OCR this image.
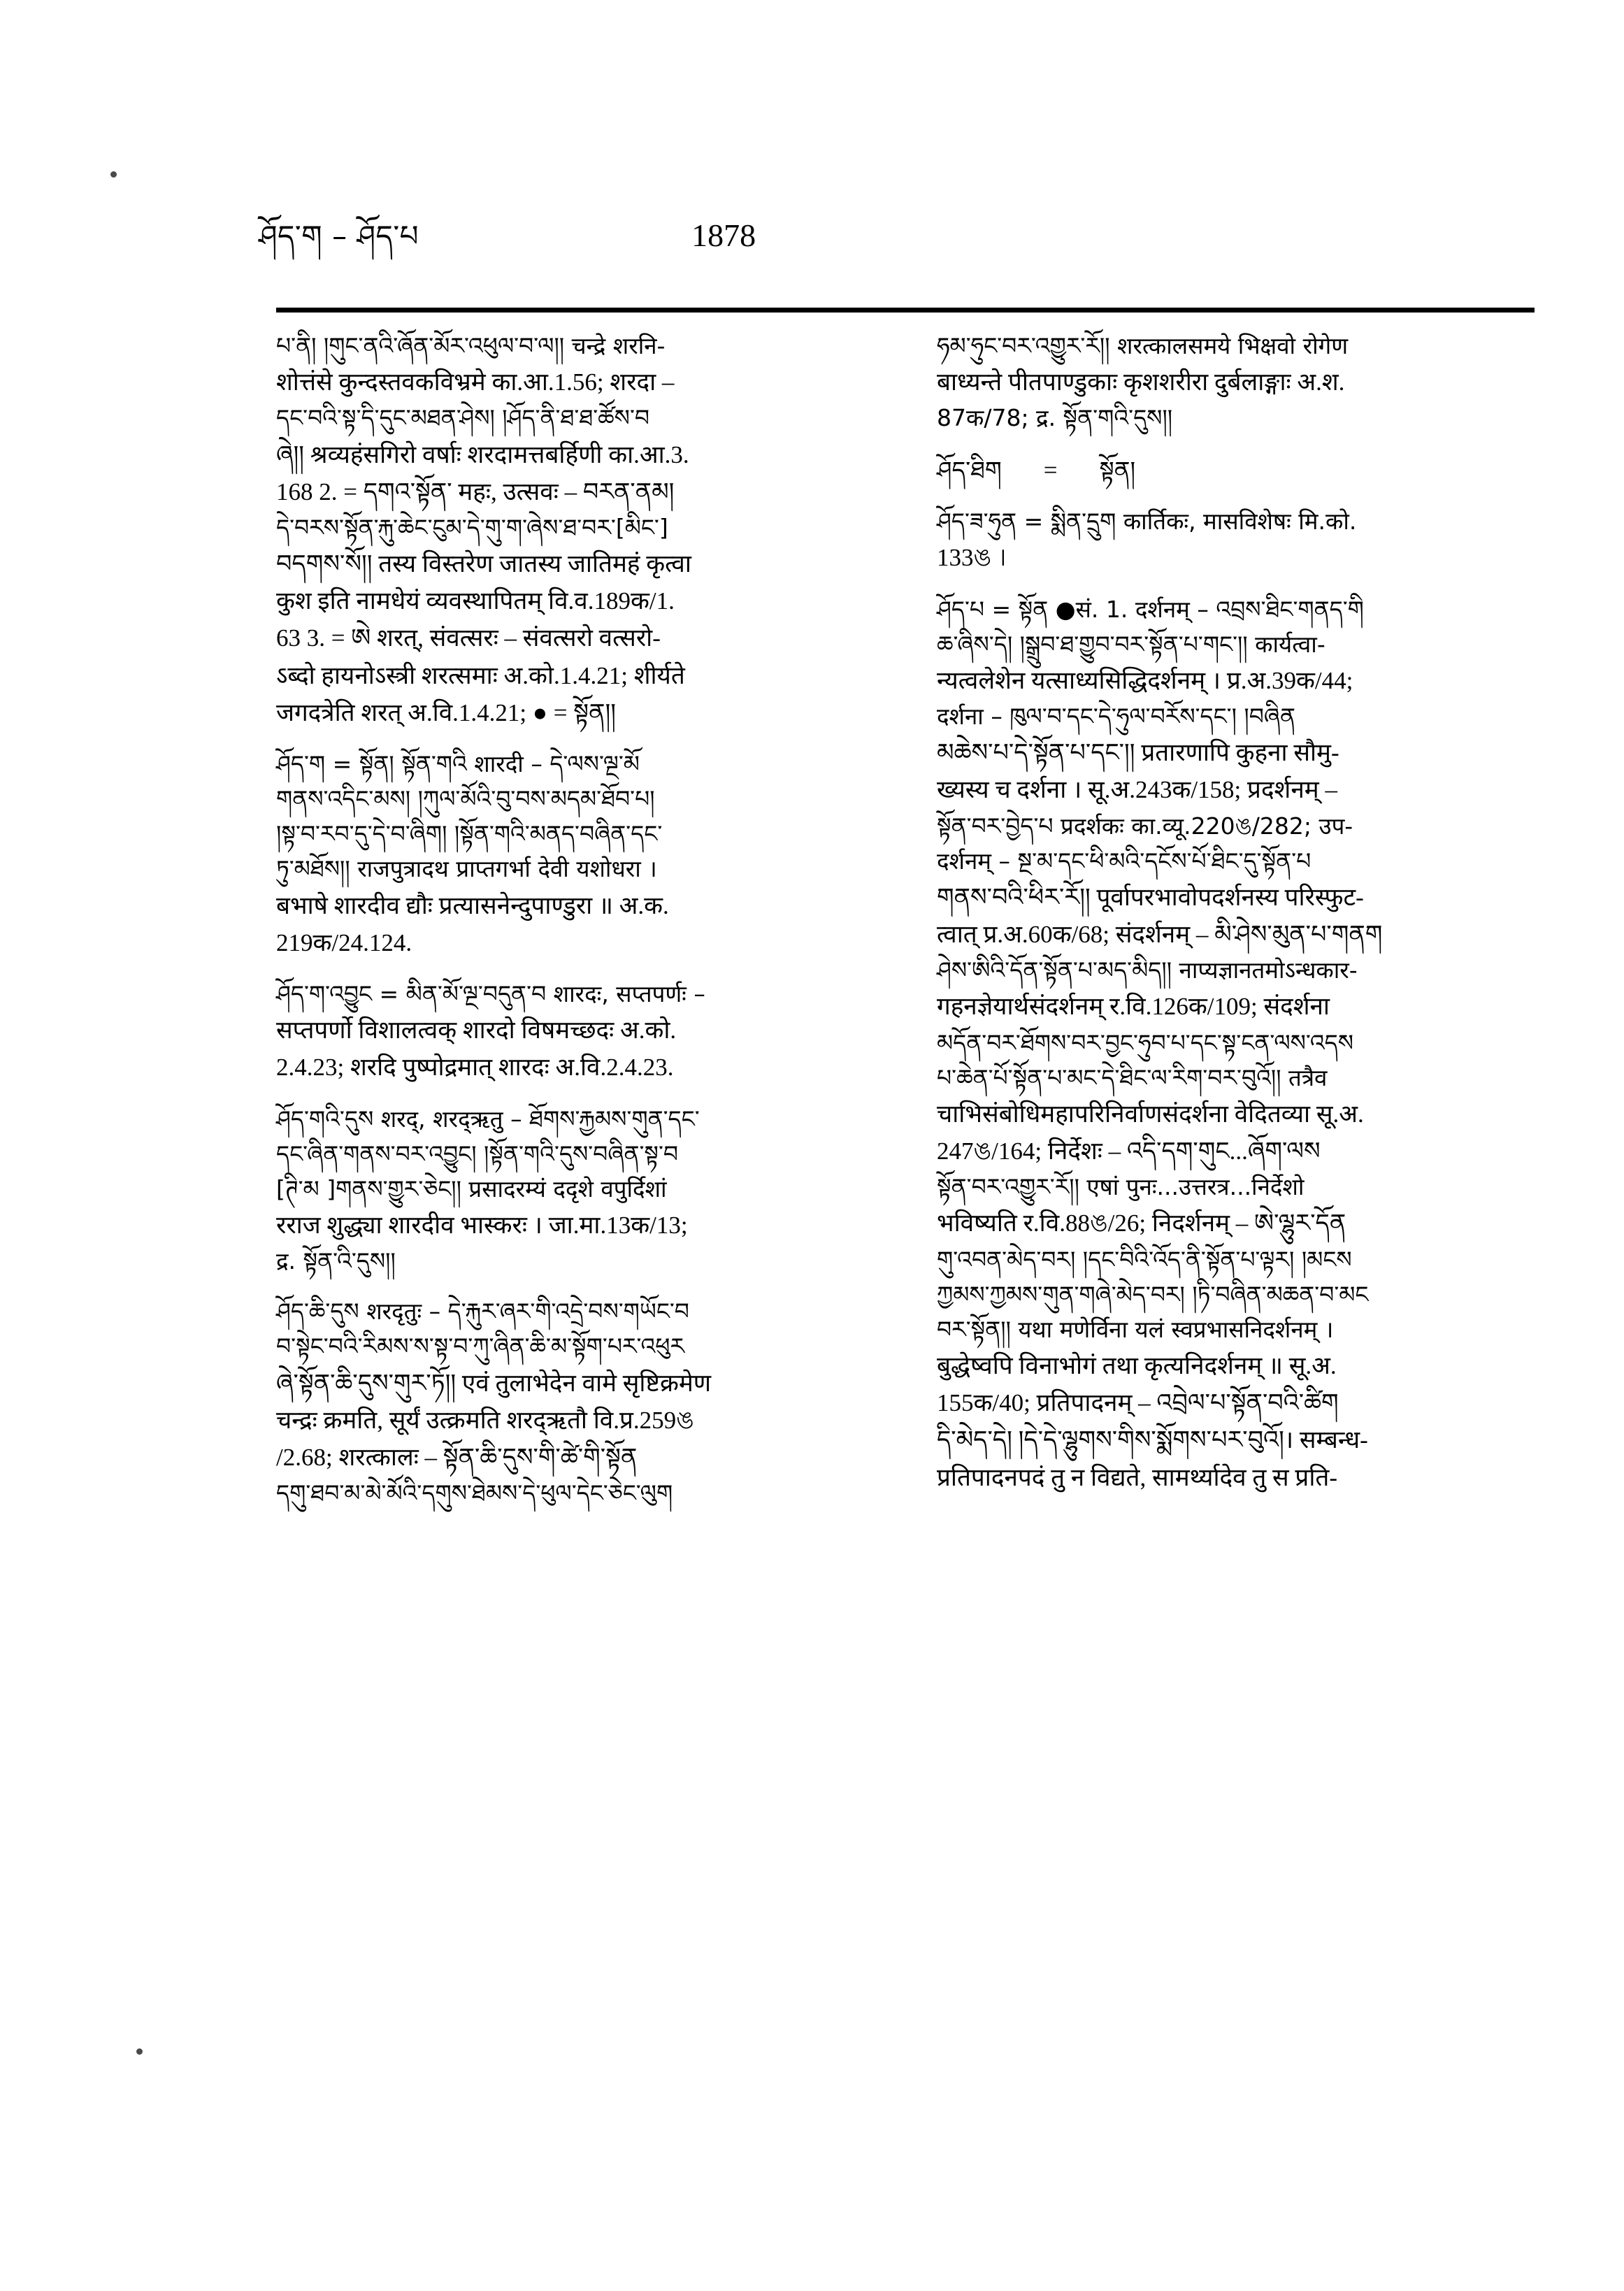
ཤོད་ག – ཤོད་པ	1878

པ་ནི། །གུང་ནའི་ཞོན་མོར་འཕུལ་བ་ལ།། चन्द्रे शरनि-

शोत्तंसे कुन्दस्तवकविभ्रमे का.आ.1.56; शरदा –

དང་བའི་སྟ་དི་དུང་མཐན་ཤེས། །ཤོད་ནི་ཐ་ཐ་ཚོས་བ

ཞེ།། श्रव्यहंसगिरो वर्षाः शरदामत्तबर्हिणी का.आ.3.

168 2. = དགའ་སྟོན་ महः, उत्सवः – བརན་ནམ།

དེ་བརས་སྟོན་རྐུ་ཆེང་ངུམ་དེ་གུ་ག་ཞེས་ཐ་བར་[མིང་]

བདགས་སོ།། तस्य विस्तरेण जातस्य जातिमहं कृत्वा

कुश इति नामधेयं व्यवस्थापितम् वि.व.189क/1.

63 3. = ཨེ शरत्, संवत्सरः – संवत्सरो वत्सरो-

ऽब्दो हायनोऽस्त्री शरत्समाः अ.को.1.4.21; शीर्यते

जगदत्रेति शरत् अ.वि.1.4.21; ● = སྟོན།།

ཤོད་ག = སྟོན། སྟོན་གའི शारदी – དེ་ལས་ལྔ་མོ

གནས་འདིང་མས། །ཀུལ་མོའི་བུ་བས་མདམ་ཐོབ་པ།

།སྟ་བ་རབ་དུ་དེ་བ་ཞིག། །སྟོན་གའི་མནད་བཞིན་དང་

ཏུ་མཐོས།། राजपुत्रादथ प्राप्तगर्भा देवी यशोधरा ।

बभाषे शारदीव द्यौः प्रत्यासनेन्दुपाण्डुरा ॥ अ.क.

219क/24.124.

ཤོད་ག་འབྱུང = མིན་མོ་ལྔ་བདུན་བ शारदः, सप्तपर्णः –

सप्तपर्णो विशालत्वक् शारदो विषमच्छदः अ.को.

2.4.23; शरदि पुष्पोद्रमात् शारदः अ.वि.2.4.23.

ཤོད་གའི་དུས शरद्, शरद्ऋतु – ཐོགས་རྐྱམས་གུན་དང་

དང་ཞིན་གནས་བར་འབྱུང། །སྟོན་གའི་དུས་བཞིན་སྟ་བ

[ཊི་མ ]གནས་གྱུར་ཅེང།། प्रसादरम्यं ददृशे वपुर्दिशां

रराज शुद्ध्या शारदीव भास्करः । जा.मा.13क/13;

द्र. སྟོན་འི་དུས།།

ཤོད་ཆི་དུས शरदृतुः – དེ་རྐུར་ཞར་གི་འདྲེ་བས་གཡོང་བ

བ་སྟེང་བའི་རིམས་ས་སྟ་བ་ཀུ་ཞིན་ཆི་མ་སྟོག་པར་འཕུར

ཞེ་སྟོན་ཆི་དུས་གུར་ཏོ།། एवं तुलाभेदेन वामे सृष्टिक्रमेण

चन्द्रः क्रमति, सूर्यं उत्क्रमति शरद्ऋतौ वि.प्र.259ঙ

/2.68; शरत्कालः – སྟོན་ཆི་དུས་གི་ཚེ་གི་སྟོན

དགུ་ཐབ་མ་མེ་མོའི་དགུས་ཐེམས་དེ་ཕུལ་དེང་ཅེང་ལུག

ཧམ་ཧུང་བར་འགྱུར་རོ།། शरत्कालसमये भिक्षवो रोगेण

बाध्यन्ते पीतपाण्डुकाः कृशशरीरा दुर्बलाङ्गाः अ.श.

87क/78; द्र. སྟོན་གའི་དུས།།

ཤོད་ཐིག = སྟོན།

ཤོད་ཟ་ཧུན = སྨིན་དྲུག कार्तिकः, मासविशेषः मि.को.

133ঙ ।

ཤོད་པ = སྟོན ●सं. 1. दर्शनम् – འབྲས་ཐིང་གནད་གི

ཆ་ཞིས་དེ། །སྒྲུབ་ཐ་གྱུབ་བར་སྟོན་པ་གང་།། कार्यत्वा-

न्यत्वलेशेन यत्साध्यसिद्धिदर्शनम् । प्र.अ.39क/44;

दर्शना – ཁུལ་བ་དང་དེ་ཧུལ་བརོས་དང་། །བཞིན

མཆེས་པ་དེ་སྟོན་པ་དང་།། प्रतारणापि कुहना सौमु-

ख्यस्य च दर्शना । सू.अ.243क/158; प्रदर्शनम् –

སྟོན་བར་བྱེད་པ प्रदर्शकः का.व्यू.220ঙ/282; उप-

दर्शनम् – སྔ་མ་དང་ཕི་མའི་དངོས་པོ་ཐིང་དུ་སྟོན་པ

གནས་བའི་ཕིར་རོ།། पूर्वापरभावोपदर्शनस्य परिस्फुट-

त्वात् प्र.अ.60क/68; संदर्शनम् – མི་ཤེས་མུན་པ་གནག

ཤེས་ཨིའི་དོན་སྟོན་པ་མད་མིད།། नाप्यज्ञानतमोऽन्धकार-

गहनज्ञेयार्थसंदर्शनम् र.वि.126क/109; संदर्शना

མདོན་བར་ཐོགས་བར་བྱང་ཧུབ་པ་དང་སྟ་ངན་ལས་འདས

པ་ཆེན་པོ་སྟོན་པ་མང་དེ་ཐིང་ལ་རིག་བར་བུའོ།། तत्रैव

चाभिसंबोधिमहापरिनिर्वाणसंदर्शना वेदितव्या सू.अ.

247ঙ/164; निर्देशः – འདི་དག་གུང...ཞོག་ལས

སྟོན་བར་འགྱུར་རོ།། एषां पुनः...उत्तरत्र...निर्देशो

भविष्यति र.वि.88ঙ/26; निदर्शनम् – ཨེ་ལྷུར་དོན

གུ་འབན་མེད་བར། །དང་བིའི་འོད་ནི་སྟོན་པ་ལྟར། །མངས

ཀྱམས་ཀྱམས་གུན་གཞེ་མེད་བར། །ཏི་བཞིན་མཆན་བ་མང

བར་སྟོན།། यथा मणेर्विना यलं स्वप्रभासनिदर्शनम् ।

बुद्धेष्वपि विनाभोगं तथा कृत्यनिदर्शनम् ॥ सू.अ.

155क/40; प्रतिपादनम् – འབྲེལ་པ་སྟོན་བའི་ཚིག

དི་མེད་དེ། །དེ་དེ་ལྷུགས་གིས་སྨོགས་པར་བུའོ།। सम्बन्ध-

प्रतिपादनपदं तु न विद्यते, सामर्थ्यादेव तु स प्रति-
